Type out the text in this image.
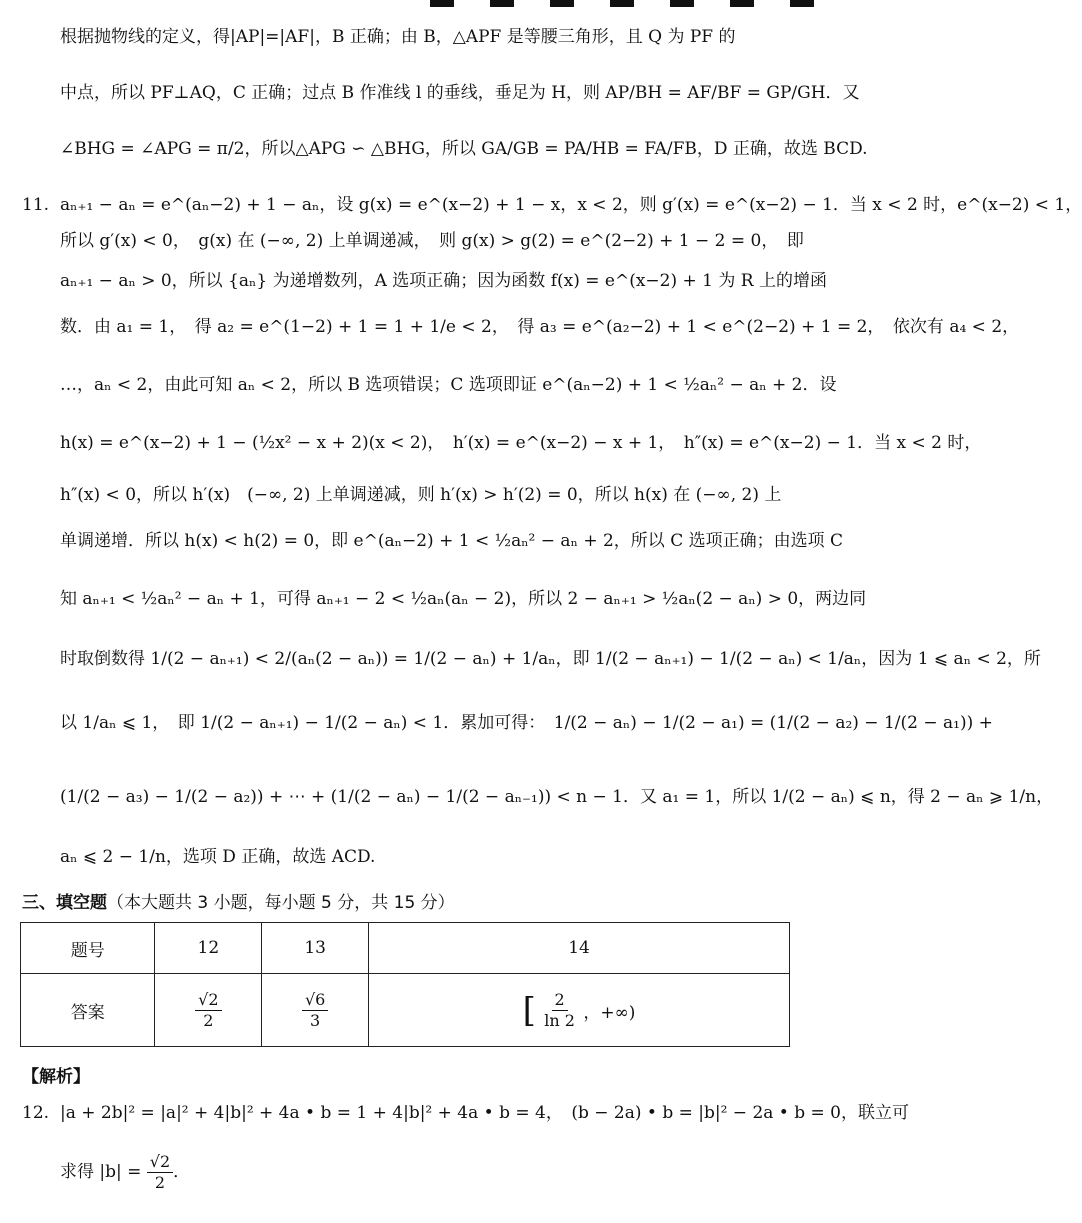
根据抛物线的定义，得|AP|=|AF|，B 正确；由 B，△APF 是等腰三角形，且 Q 为 PF 的
中点，所以 PF⊥AQ，C 正确；过点 B 作准线 l 的垂线，垂足为 H，则 AP/BH = AF/BF = GP/GH．又
∠BHG = ∠APG = π/2，所以△APG ∽ △BHG，所以 GA/GB = PA/HB = FA/FB，D 正确，故选 BCD.
11. aₙ₊₁ − aₙ = e^(aₙ−2) + 1 − aₙ，设 g(x) = e^(x−2) + 1 − x，x < 2，则 g′(x) = e^(x−2) − 1．当 x < 2 时，e^(x−2) < 1，
所以 g′(x) < 0，　g(x) 在 (−∞, 2) 上单调递减，　则 g(x) > g(2) = e^(2−2) + 1 − 2 = 0，　即
aₙ₊₁ − aₙ > 0，所以 {aₙ} 为递增数列，A 选项正确；因为函数 f(x) = e^(x−2) + 1 为 R 上的增函
数．由 a₁ = 1，　得 a₂ = e^(1−2) + 1 = 1 + 1/e < 2，　得 a₃ = e^(a₂−2) + 1 < e^(2−2) + 1 = 2，　依次有 a₄ < 2，
…，aₙ < 2，由此可知 aₙ < 2，所以 B 选项错误；C 选项即证 e^(aₙ−2) + 1 < ½aₙ² − aₙ + 2．设
h(x) = e^(x−2) + 1 − (½x² − x + 2)(x < 2)，　h′(x) = e^(x−2) − x + 1，　h″(x) = e^(x−2) − 1．当 x < 2 时，
h″(x) < 0，所以 h′(x)　(−∞, 2) 上单调递减，则 h′(x) > h′(2) = 0，所以 h(x) 在 (−∞, 2) 上
单调递增．所以 h(x) < h(2) = 0，即 e^(aₙ−2) + 1 < ½aₙ² − aₙ + 2，所以 C 选项正确；由选项 C
知 aₙ₊₁ < ½aₙ² − aₙ + 1，可得 aₙ₊₁ − 2 < ½aₙ(aₙ − 2)，所以 2 − aₙ₊₁ > ½aₙ(2 − aₙ) > 0，两边同
时取倒数得 1/(2 − aₙ₊₁) < 2/(aₙ(2 − aₙ)) = 1/(2 − aₙ) + 1/aₙ，即 1/(2 − aₙ₊₁) − 1/(2 − aₙ) < 1/aₙ，因为 1 ⩽ aₙ < 2，所
以 1/aₙ ⩽ 1，　即 1/(2 − aₙ₊₁) − 1/(2 − aₙ) < 1．累加可得：　1/(2 − aₙ) − 1/(2 − a₁) = (1/(2 − a₂) − 1/(2 − a₁)) +
(1/(2 − a₃) − 1/(2 − a₂)) + ⋯ + (1/(2 − aₙ) − 1/(2 − aₙ₋₁)) < n − 1．又 a₁ = 1，所以 1/(2 − aₙ) ⩽ n，得 2 − aₙ ⩾ 1/n，
aₙ ⩽ 2 − 1/n，选项 D 正确，故选 ACD.
三、填空题（本大题共 3 小题，每小题 5 分，共 15 分）
题号	12	13	14
答案	$\frac{√2}{2}$	$\frac{√6}{3}$	[ $\frac{2}{\ln 2}$ ，+∞)
【解析】
12. |a + 2b|² = |a|² + 4|b|² + 4a • b = 1 + 4|b|² + 4a • b = 4，　(b − 2a) • b = |b|² − 2a • b = 0，联立可
求得 $|b| = \frac{√2}{2}$ ．
